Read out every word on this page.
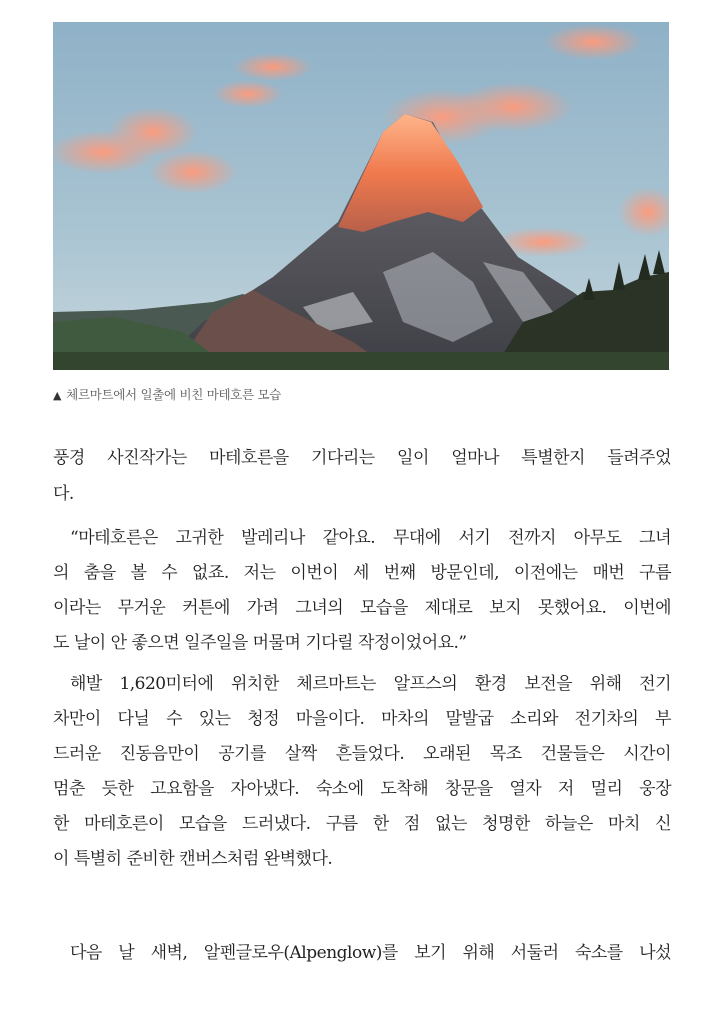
▲ 체르마트에서 일출에 비친 마테호른 모습
풍경 사진작가는 마테호른을 기다리는 일이 얼마나 특별한지 들려주었
다.
“마테호른은 고귀한 발레리나 같아요. 무대에 서기 전까지 아무도 그녀
의 춤을 볼 수 없죠. 저는 이번이 세 번째 방문인데, 이전에는 매번 구름
이라는 무거운 커튼에 가려 그녀의 모습을 제대로 보지 못했어요. 이번에
도 날이 안 좋으면 일주일을 머물며 기다릴 작정이었어요.”
해발 1,620미터에 위치한 체르마트는 알프스의 환경 보전을 위해 전기
차만이 다닐 수 있는 청정 마을이다. 마차의 말발굽 소리와 전기차의 부
드러운 진동음만이 공기를 살짝 흔들었다. 오래된 목조 건물들은 시간이
멈춘 듯한 고요함을 자아냈다. 숙소에 도착해 창문을 열자 저 멀리 웅장
한 마테호른이 모습을 드러냈다. 구름 한 점 없는 청명한 하늘은 마치 신
이 특별히 준비한 캔버스처럼 완벽했다.
다음 날 새벽, 알펜글로우(Alpenglow)를 보기 위해 서둘러 숙소를 나섰
